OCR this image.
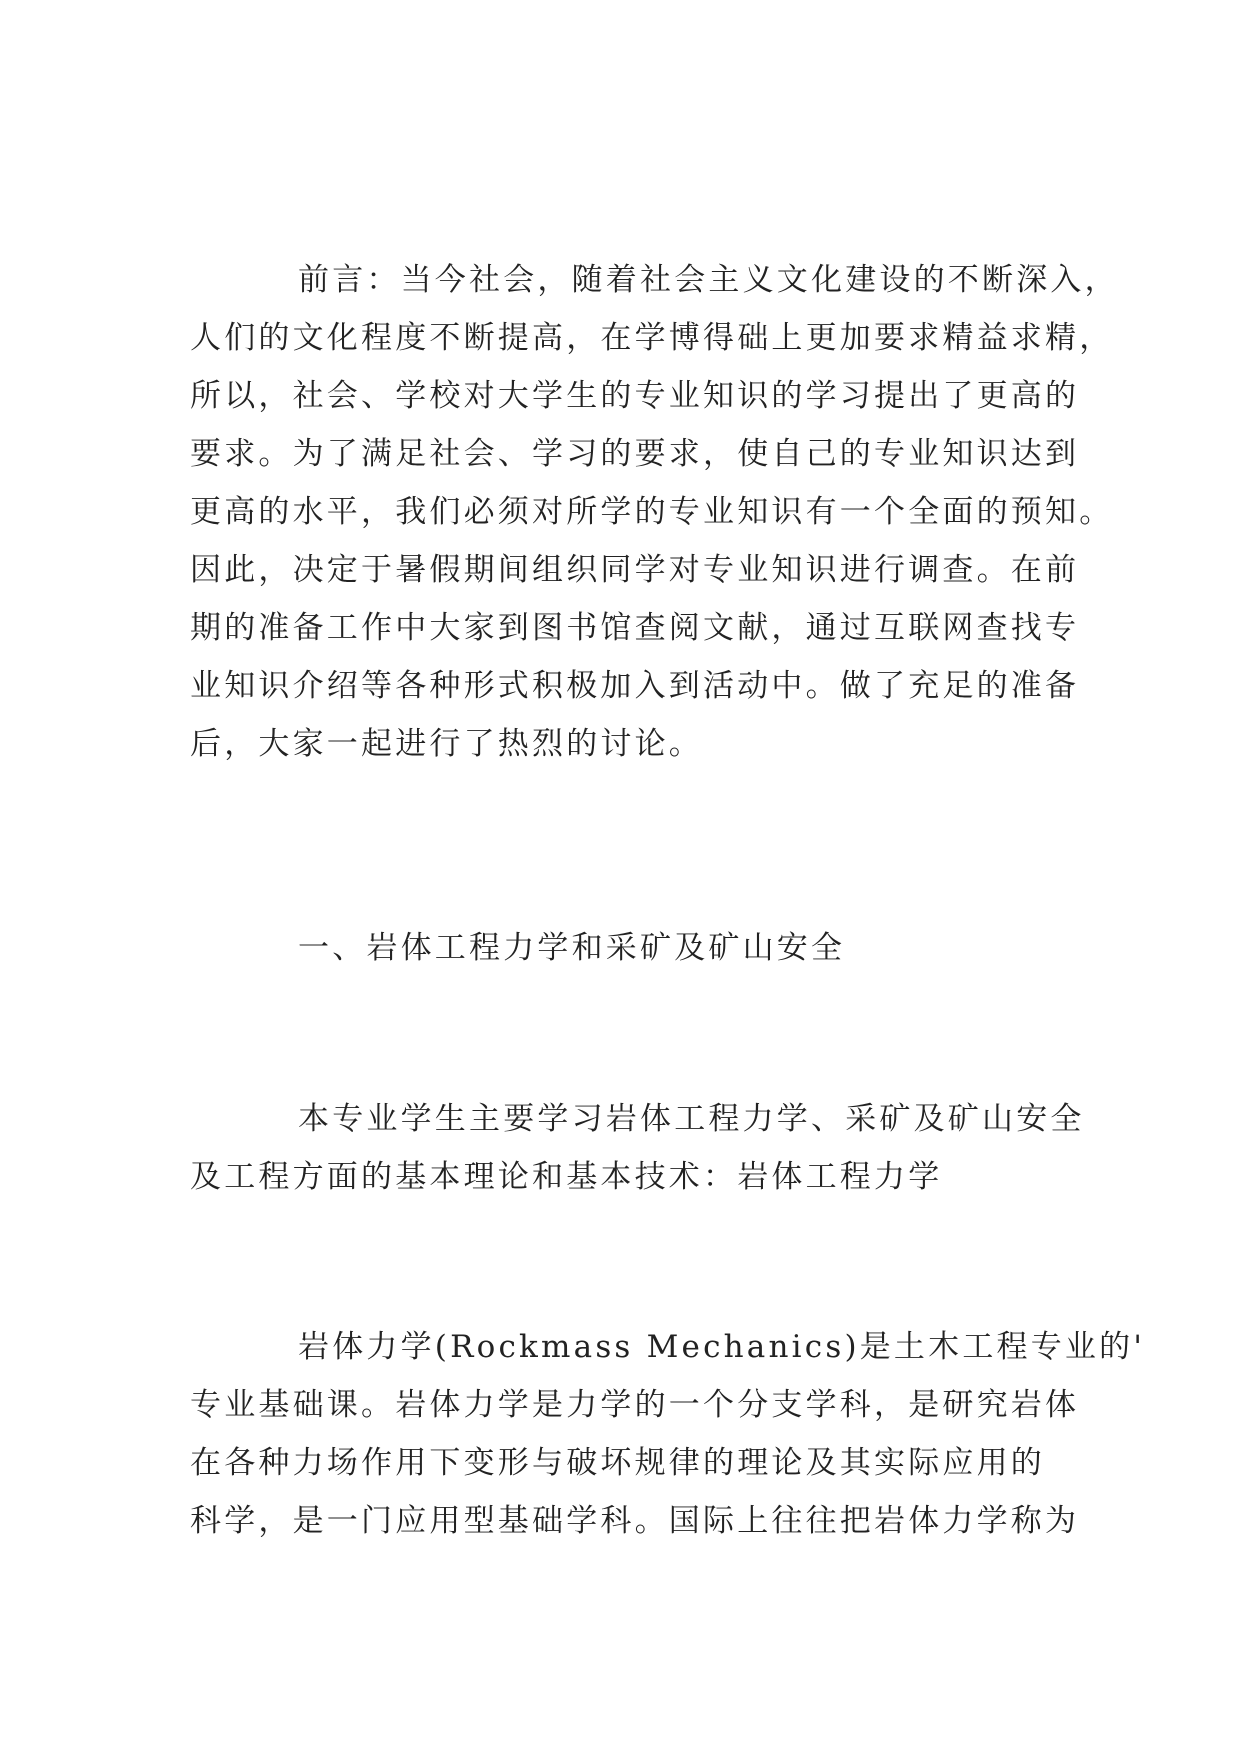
前言：当今社会，随着社会主义文化建设的不断深入，
人们的文化程度不断提高，在学博得础上更加要求精益求精，
所以，社会、学校对大学生的专业知识的学习提出了更高的
要求。为了满足社会、学习的要求，使自己的专业知识达到
更高的水平，我们必须对所学的专业知识有一个全面的预知。
因此，决定于暑假期间组织同学对专业知识进行调查。在前
期的准备工作中大家到图书馆查阅文献，通过互联网查找专
业知识介绍等各种形式积极加入到活动中。做了充足的准备
后，大家一起进行了热烈的讨论。
一、岩体工程力学和采矿及矿山安全
本专业学生主要学习岩体工程力学、采矿及矿山安全
及工程方面的基本理论和基本技术：岩体工程力学
岩体力学(Rockmass Mechanics)是土木工程专业的'
专业基础课。岩体力学是力学的一个分支学科，是研究岩体
在各种力场作用下变形与破坏规律的理论及其实际应用的
科学，是一门应用型基础学科。国际上往往把岩体力学称为
